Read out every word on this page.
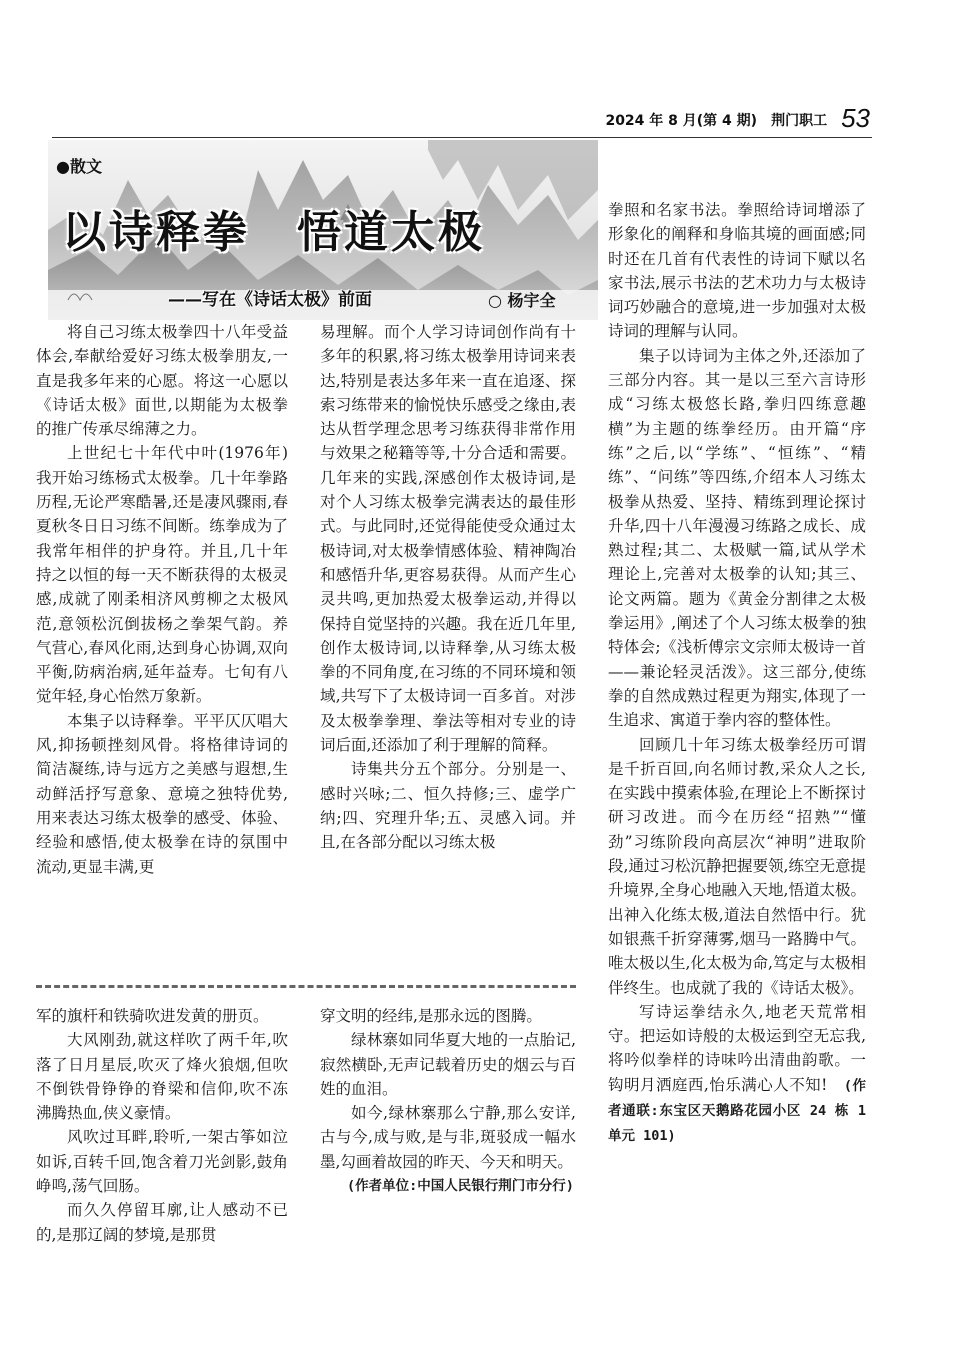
2024 年 8 月(第 4 期) 荆门职工 53
●散文
以诗释拳　悟道太极
——写在《诗话太极》前面	○ 杨宇全

将自己习练太极拳四十八年受益体会,奉献给爱好习练太极拳朋友,一直是我多年来的心愿。将这一心愿以《诗话太极》面世,以期能为太极拳的推广传承尽绵薄之力。

上世纪七十年代中叶(1976年)我开始习练杨式太极拳。几十年拳路历程,无论严寒酷暑,还是凄风骤雨,春夏秋冬日日习练不间断。练拳成为了我常年相伴的护身符。并且,几十年持之以恒的每一天不断获得的太极灵感,成就了刚柔相济风剪柳之太极风范,意领松沉倒拔杨之拳架气韵。养气营心,春风化雨,达到身心协调,双向平衡,防病治病,延年益寿。七旬有八觉年轻,身心怡然万象新。

本集子以诗释拳。平平仄仄唱大风,抑扬顿挫刻风骨。将格律诗词的简洁凝练,诗与远方之美感与遐想,生动鲜活抒写意象、意境之独特优势,用来表达习练太极拳的感受、体验、经验和感悟,使太极拳在诗的氛围中流动,更显丰满,更

易理解。而个人学习诗词创作尚有十多年的积累,将习练太极拳用诗词来表达,特别是表达多年来一直在追逐、探索习练带来的愉悦快乐感受之缘由,表达从哲学理念思考习练获得非常作用与效果之秘籍等等,十分合适和需要。几年来的实践,深感创作太极诗词,是对个人习练太极拳完满表达的最佳形式。与此同时,还觉得能使受众通过太极诗词,对太极拳情感体验、精神陶冶和感悟升华,更容易获得。从而产生心灵共鸣,更加热爱太极拳运动,并得以保持自觉坚持的兴趣。我在近几年里,创作太极诗词,以诗释拳,从习练太极拳的不同角度,在习练的不同环境和领域,共写下了太极诗词一百多首。对涉及太极拳拳理、拳法等相对专业的诗词后面,还添加了利于理解的简释。

诗集共分五个部分。分别是一、感时兴咏;二、恒久持修;三、虚学广纳;四、究理升华;五、灵感入词。并且,在各部分配以习练太极

拳照和名家书法。拳照给诗词增添了形象化的阐释和身临其境的画面感;同时还在几首有代表性的诗词下赋以名家书法,展示书法的艺术功力与太极诗词巧妙融合的意境,进一步加强对太极诗词的理解与认同。

集子以诗词为主体之外,还添加了三部分内容。其一是以三至六言诗形成“习练太极悠长路,拳归四练意趣横”为主题的练拳经历。由开篇“序练”之后,以“学练”、“恒练”、“精练”、“问练”等四练,介绍本人习练太极拳从热爱、坚持、精练到理论探讨升华,四十八年漫漫习练路之成长、成熟过程;其二、太极赋一篇,试从学术理论上,完善对太极拳的认知;其三、论文两篇。题为《黄金分割律之太极拳运用》,阐述了个人习练太极拳的独特体会;《浅析傅宗文宗师太极诗一首——兼论轻灵活泼》。这三部分,使练拳的自然成熟过程更为翔实,体现了一生追求、寓道于拳内容的整体性。

回顾几十年习练太极拳经历可谓是千折百回,向名师讨教,采众人之长,在实践中摸索体验,在理论上不断探讨研习改进。而今在历经“招熟”“懂劲”习练阶段向高层次“神明”进取阶段,通过习松沉静把握要领,练空无意提升境界,全身心地融入天地,悟道太极。出神入化练太极,道法自然悟中行。犹如银燕千折穿薄雾,烟马一路腾中气。唯太极以生,化太极为命,笃定与太极相伴终生。也成就了我的《诗话太极》。

写诗运拳结永久,地老天荒常相守。把运如诗般的太极运到空无忘我,将吟似拳样的诗味吟出清曲韵歌。一钩明月洒庭西,怡乐满心人不知!　 (作者通联:东宝区天鹅路花园小区 24 栋 1 单元 101)

军的旗杆和铁骑吹进发黄的册页。

大风刚劲,就这样吹了两千年,吹落了日月星辰,吹灭了烽火狼烟,但吹不倒铁骨铮铮的脊梁和信仰,吹不冻沸腾热血,侠义豪情。

风吹过耳畔,聆听,一架古筝如泣如诉,百转千回,饱含着刀光剑影,鼓角峥鸣,荡气回肠。

而久久停留耳廓,让人感动不已的,是那辽阔的梦境,是那贯

穿文明的经纬,是那永远的图腾。

绿林寨如同华夏大地的一点胎记,寂然横卧,无声记载着历史的烟云与百姓的血泪。

如今,绿林寨那么宁静,那么安详,古与今,成与败,是与非,斑驳成一幅水墨,勾画着故园的昨天、今天和明天。

(作者单位:中国人民银行荆门市分行)
